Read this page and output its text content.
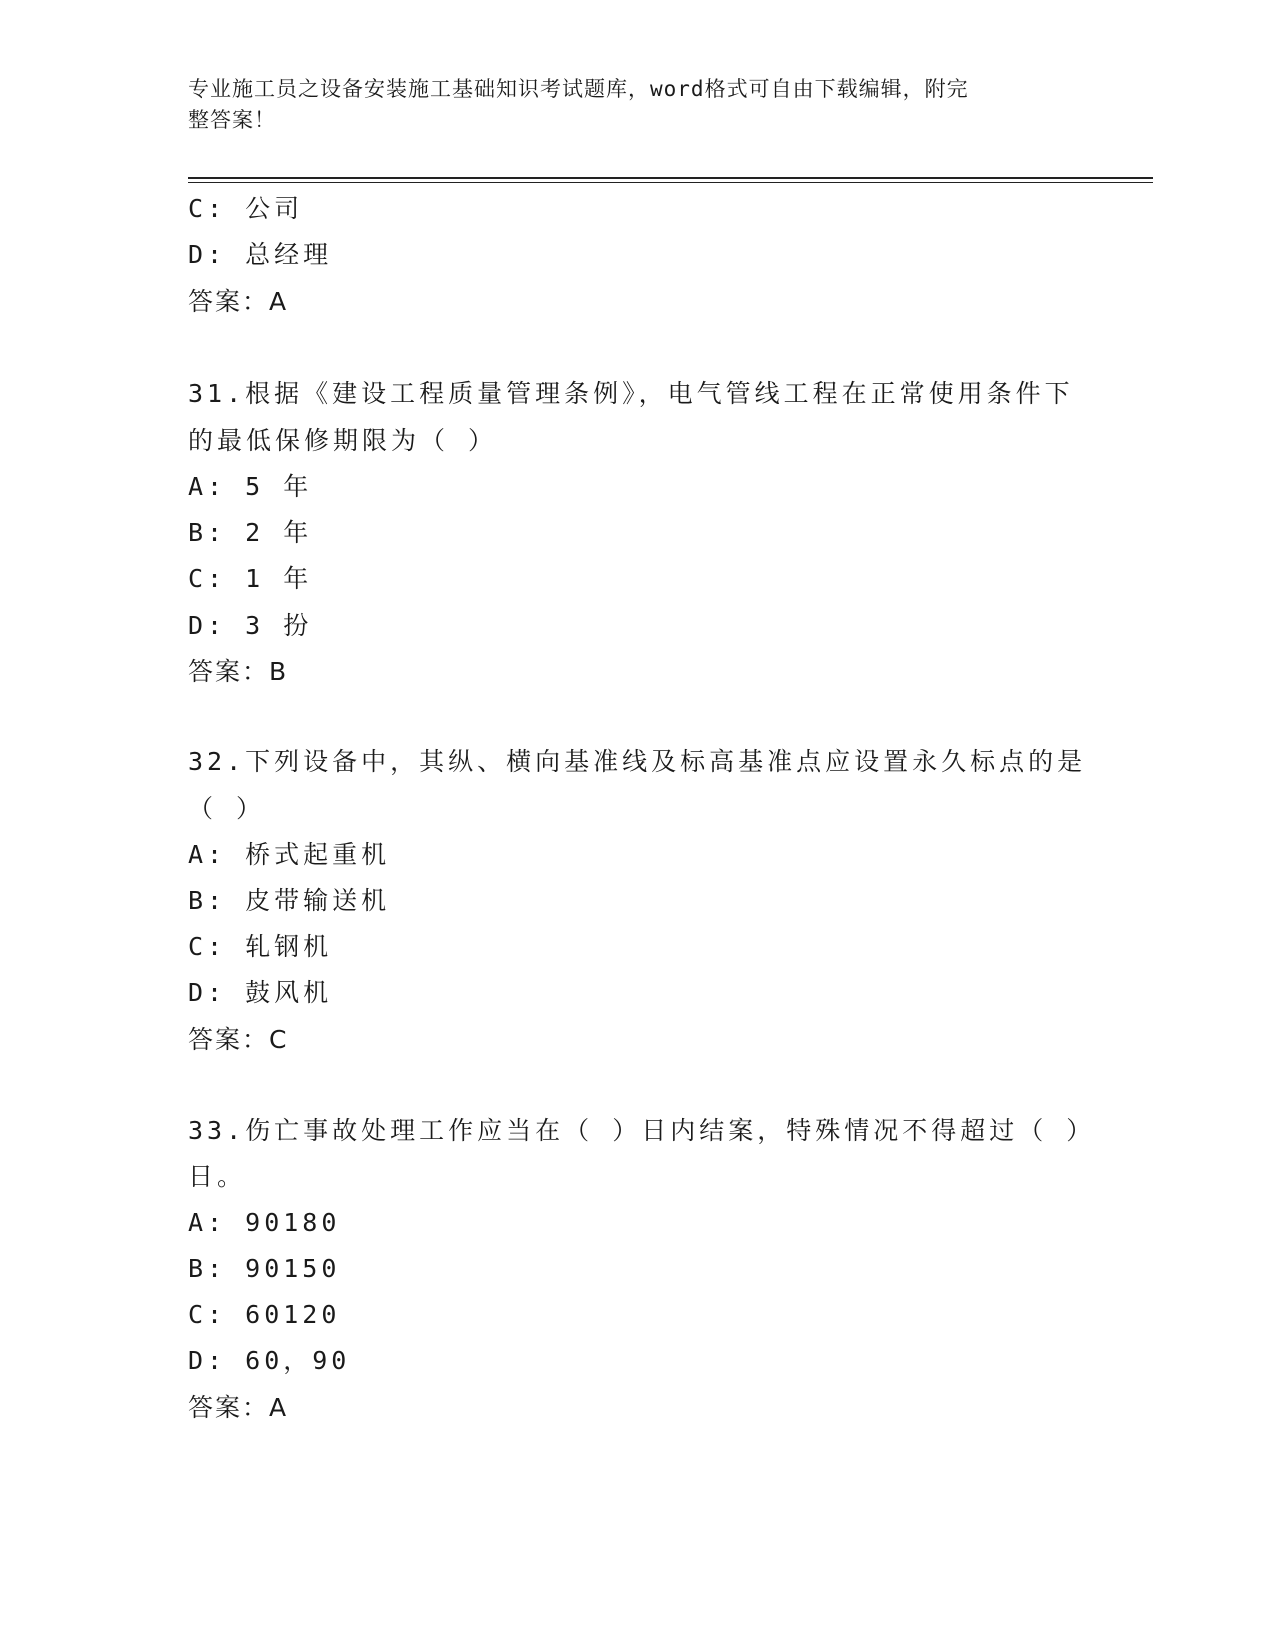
专业施工员之设备安装施工基础知识考试题库，word格式可自由下载编辑，附完
整答案！
C: 公司
D: 总经理
答案：A
31.根据《建设工程质量管理条例》，电气管线工程在正常使用条件下
的最低保修期限为（ ）
A: 5 年
B: 2 年
C: 1 年
D: 3 扮
答案：B
32.下列设备中，其纵、横向基准线及标高基准点应设置永久标点的是
（ ）
A: 桥式起重机
B: 皮带输送机
C: 轧钢机
D: 鼓风机
答案：C
33.伤亡事故处理工作应当在（ ）日内结案，特殊情况不得超过（ ）
日。
A: 90180
B: 90150
C: 60120
D: 60，90
答案：A
